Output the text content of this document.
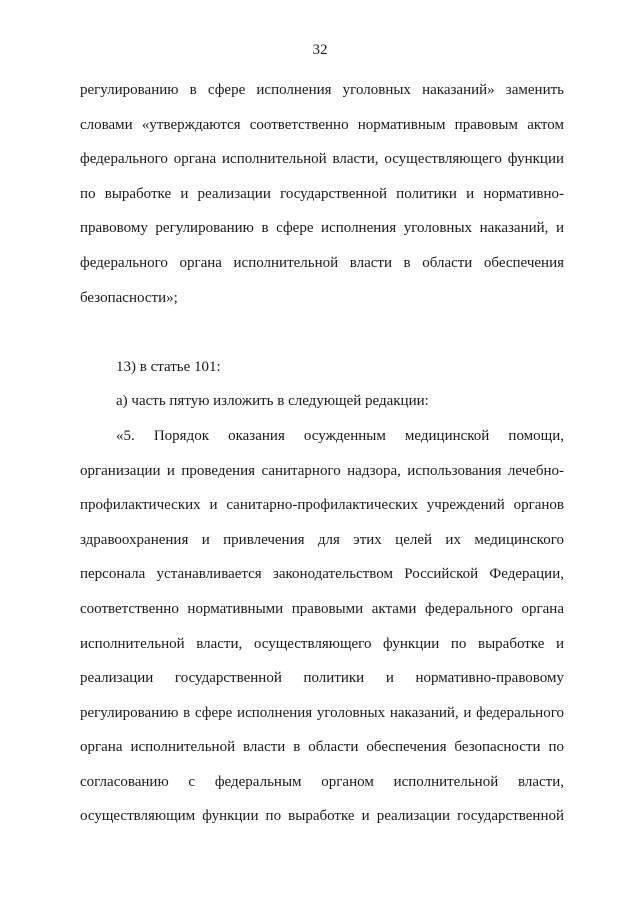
32
регулированию в сфере исполнения уголовных наказаний» заменить
словами «утверждаются соответственно нормативным правовым актом
федерального органа исполнительной власти, осуществляющего функции
по выработке и реализации государственной политики и нормативно-
правовому регулированию в сфере исполнения уголовных наказаний, и
федерального органа исполнительной власти в области обеспечения
безопасности»;
13) в статье 101:
а) часть пятую изложить в следующей редакции:
«5. Порядок оказания осужденным медицинской помощи,
организации и проведения санитарного надзора, использования лечебно-
профилактических и санитарно-профилактических учреждений органов
здравоохранения и привлечения для этих целей их медицинского
персонала устанавливается законодательством Российской Федерации,
соответственно нормативными правовыми актами федерального органа
исполнительной власти, осуществляющего функции по выработке и
реализации государственной политики и нормативно-правовому
регулированию в сфере исполнения уголовных наказаний, и федерального
органа исполнительной власти в области обеспечения безопасности по
согласованию с федеральным органом исполнительной власти,
осуществляющим функции по выработке и реализации государственной
